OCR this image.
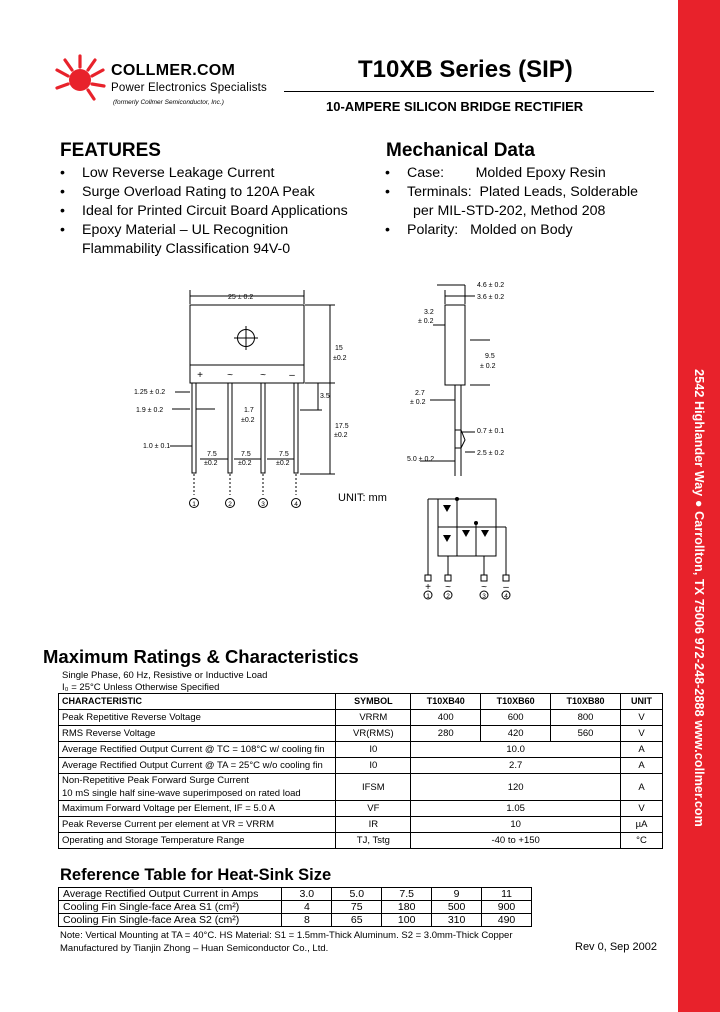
2542 Highlander Way ● Carrollton, TX 75006 972-248-2888 www.collmer.com
COLLMER.COM
Power Electronics Specialists
(formerly Collmer Semiconductor, Inc.)
T10XB Series (SIP)
10-AMPERE SILICON BRIDGE RECTIFIER
FEATURES
• Low Reverse Leakage Current
• Surge Overload Rating to 120A Peak
• Ideal for Printed Circuit Board Applications
• Epoxy Material – UL Recognition
Flammability Classification 94V-0
Mechanical Data
• Case:        Molded Epoxy Resin
• Terminals:  Plated Leads, Solderable
per MIL-STD-202, Method 208
• Polarity:   Molded on Body
1	2	3	4
1	2	3	4
+ ~	~ –
+ ~	~ –
25 ± 0.2
15
±0.2
1.25 ± 0.2
1.9 ± 0.2
1.0 ± 0.1
1.7
±0.2
3.5
17.5
±0.2
7.5
±0.2
7.5
±0.2
7.5
±0.2
4.6 ± 0.2
3.6 ± 0.2
3.2
± 0.2
9.5
± 0.2
2.7
± 0.2
0.7 ± 0.1
5.0 ± 0.2
2.5 ± 0.2
UNIT: mm
Maximum Ratings & Characteristics
Single Phase, 60 Hz, Resistive or Inductive Load
I₀ = 25°C Unless Otherwise Specified
CHARACTERISTIC	SYMBOL	T10XB40	T10XB60	T10XB80	UNIT
Peak Repetitive Reverse Voltage	VRRM	400	600	800	V
RMS Reverse Voltage	VR(RMS)	280	420	560	V
Average Rectified Output Current @ TC = 108°C w/ cooling fin	I0	10.0			A
Average Rectified Output Current @ TA = 25°C w/o cooling fin	I0	2.7			A

Non-Repetitive Peak Forward Surge Current
10 mS single half sine-wave superimposed on rated load	IFSM	120			A
Maximum Forward Voltage per Element, IF = 5.0 A	VF	1.05			V
Peak Reverse Current per element at VR = VRRM	IR	10			µA
Operating and Storage Temperature Range	TJ, Tstg	-40 to +150			°C
Reference Table for Heat-Sink Size
Average Rectified Output Current in Amps	3.0	5.0	7.5	9	11
Cooling Fin Single-face Area S1 (cm²)	4	75	180	500	900
Cooling Fin Single-face Area S2 (cm²)	8	65	100	310	490
Note: Vertical Mounting at TA = 40°C. HS Material: S1 = 1.5mm-Thick Aluminum. S2 = 3.0mm-Thick Copper
Manufactured by Tianjin Zhong – Huan Semiconductor Co., Ltd.	Rev 0, Sep 2002
